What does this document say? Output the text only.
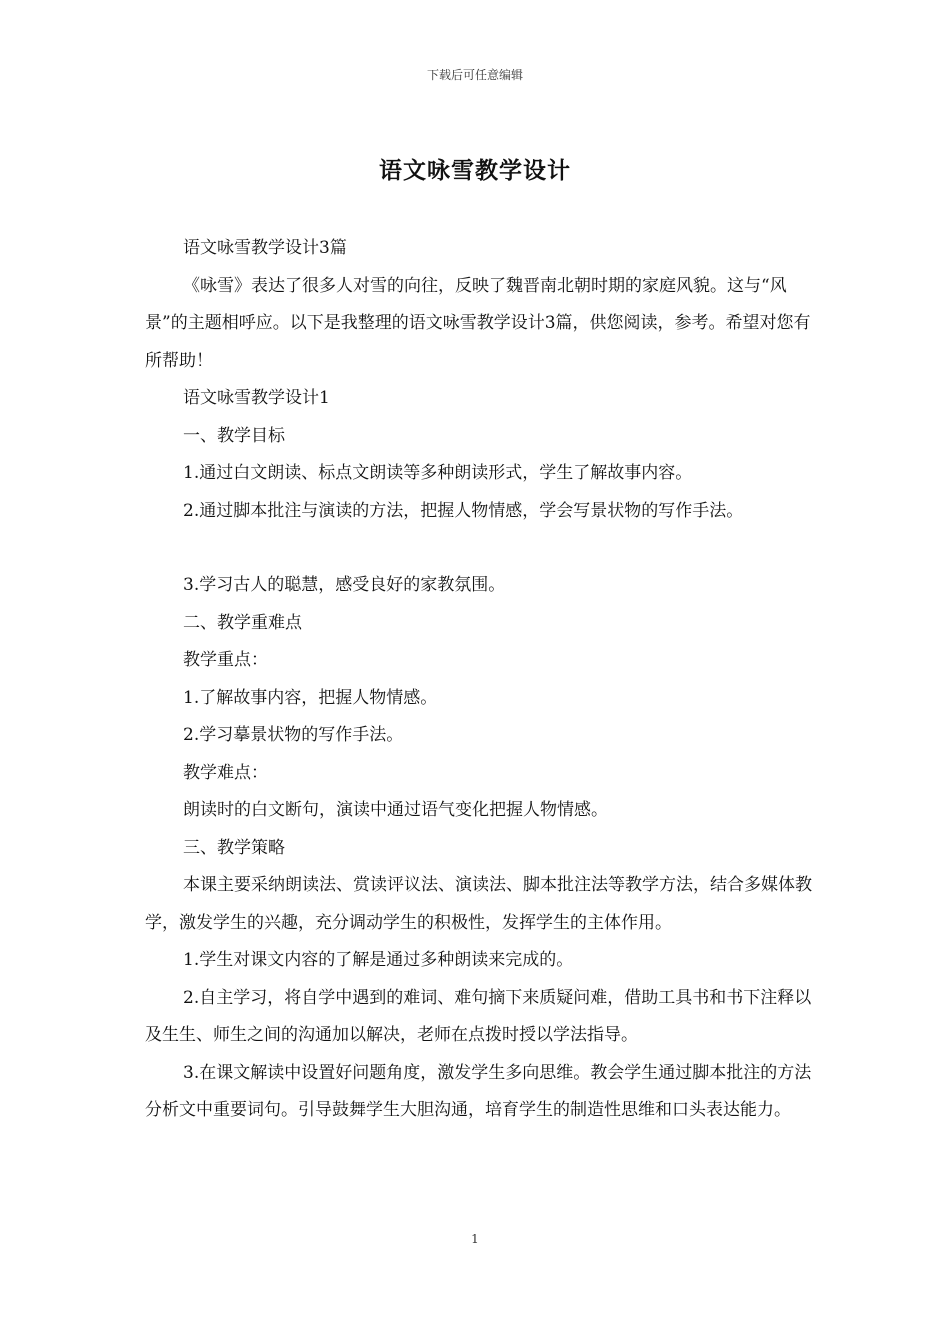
下载后可任意编辑
语文咏雪教学设计

语文咏雪教学设计3篇

《咏雪》表达了很多人对雪的向往，反映了魏晋南北朝时期的家庭风貌。这与“风景”的主题相呼应。以下是我整理的语文咏雪教学设计3篇，供您阅读，参考。希望对您有所帮助！

语文咏雪教学设计1

一、教学目标

1.通过白文朗读、标点文朗读等多种朗读形式，学生了解故事内容。

2.通过脚本批注与演读的方法，把握人物情感，学会写景状物的写作手法。

3.学习古人的聪慧，感受良好的家教氛围。

二、教学重难点

教学重点：

1.了解故事内容，把握人物情感。

2.学习摹景状物的写作手法。

教学难点：

朗读时的白文断句，演读中通过语气变化把握人物情感。

三、教学策略

本课主要采纳朗读法、赏读评议法、演读法、脚本批注法等教学方法，结合多媒体教学，激发学生的兴趣，充分调动学生的积极性，发挥学生的主体作用。

1.学生对课文内容的了解是通过多种朗读来完成的。

2.自主学习，将自学中遇到的难词、难句摘下来质疑问难，借助工具书和书下注释以及生生、师生之间的沟通加以解决，老师在点拨时授以学法指导。

3.在课文解读中设置好问题角度，激发学生多向思维。教会学生通过脚本批注的方法分析文中重要词句。引导鼓舞学生大胆沟通，培育学生的制造性思维和口头表达能力。

1
